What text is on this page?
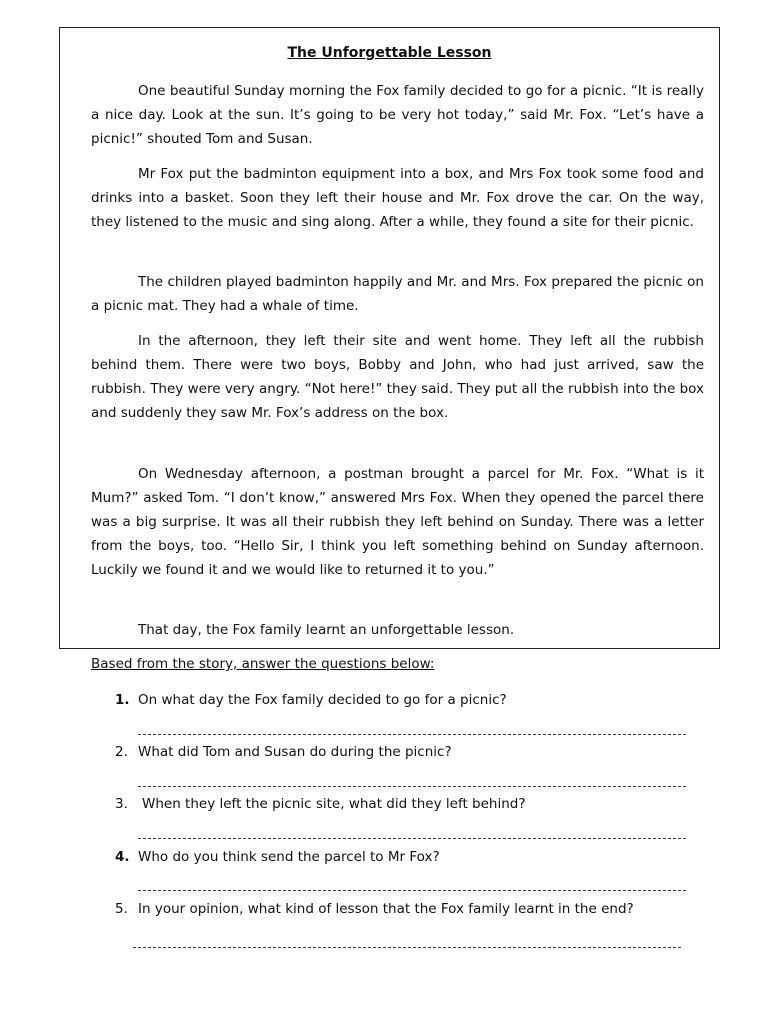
The Unforgettable Lesson

One beautiful Sunday morning the Fox family decided to go for a picnic. “It is really a nice day. Look at the sun. It’s going to be very hot today,” said Mr. Fox. “Let’s have a picnic!” shouted Tom and Susan.

Mr Fox put the badminton equipment into a box, and Mrs Fox took some food and drinks into a basket. Soon they left their house and Mr. Fox drove the car. On the way, they listened to the music and sing along. After a while, they found a site for their picnic.

The children played badminton happily and Mr. and Mrs. Fox prepared the picnic on a picnic mat. They had a whale of time.

In the afternoon, they left their site and went home. They left all the rubbish behind them. There were two boys, Bobby and John, who had just arrived, saw the rubbish. They were very angry. “Not here!” they said. They put all the rubbish into the box and suddenly they saw Mr. Fox’s address on the box.

On Wednesday afternoon, a postman brought a parcel for Mr. Fox. “What is it Mum?” asked Tom. “I don’t know,” answered Mrs Fox. When they opened the parcel there was a big surprise. It was all their rubbish they left behind on Sunday. There was a letter from the boys, too. “Hello Sir, I think you left something behind on Sunday afternoon. Luckily we found it and we would like to returned it to you.”

That day, the Fox family learnt an unforgettable lesson.

Based from the story, answer the questions below:

1. On what day the Fox family decided to go for a picnic?

2. What did Tom and Susan do during the picnic?

3. When they left the picnic site, what did they left behind?

4. Who do you think send the parcel to Mr Fox?

5. In your opinion, what kind of lesson that the Fox family learnt in the end?
